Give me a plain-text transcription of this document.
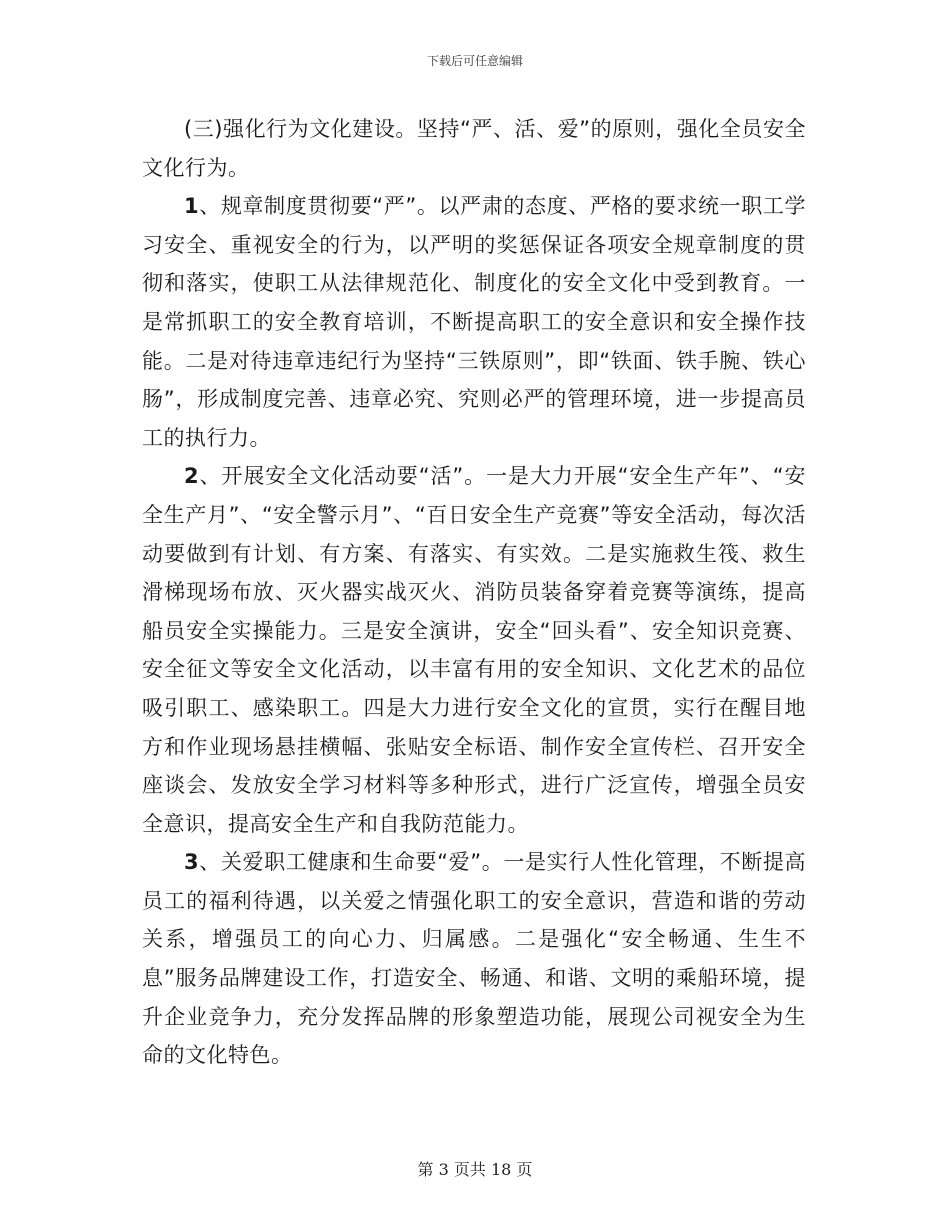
下载后可任意编辑

(三)强化行为文化建设。坚持“严、活、爱”的原则，强化全员安全文化行为。

1、规章制度贯彻要“严”。以严肃的态度、严格的要求统一职工学习安全、重视安全的行为，以严明的奖惩保证各项安全规章制度的贯彻和落实，使职工从法律规范化、制度化的安全文化中受到教育。一是常抓职工的安全教育培训，不断提高职工的安全意识和安全操作技能。二是对待违章违纪行为坚持“三铁原则”，即“铁面、铁手腕、铁心肠”，形成制度完善、违章必究、究则必严的管理环境，进一步提高员工的执行力。

2、开展安全文化活动要“活”。一是大力开展“安全生产年”、“安全生产月”、“安全警示月”、“百日安全生产竞赛”等安全活动，每次活动要做到有计划、有方案、有落实、有实效。二是实施救生筏、救生滑梯现场布放、灭火器实战灭火、消防员装备穿着竞赛等演练，提高船员安全实操能力。三是安全演讲，安全“回头看”、安全知识竞赛、安全征文等安全文化活动，以丰富有用的安全知识、文化艺术的品位吸引职工、感染职工。四是大力进行安全文化的宣贯，实行在醒目地方和作业现场悬挂横幅、张贴安全标语、制作安全宣传栏、召开安全座谈会、发放安全学习材料等多种形式，进行广泛宣传，增强全员安全意识，提高安全生产和自我防范能力。

3、关爱职工健康和生命要“爱”。一是实行人性化管理，不断提高员工的福利待遇，以关爱之情强化职工的安全意识，营造和谐的劳动关系，增强员工的向心力、归属感。二是强化“安全畅通、生生不息”服务品牌建设工作，打造安全、畅通、和谐、文明的乘船环境，提升企业竞争力，充分发挥品牌的形象塑造功能，展现公司视安全为生命的文化特色。

第 3 页共 18 页
